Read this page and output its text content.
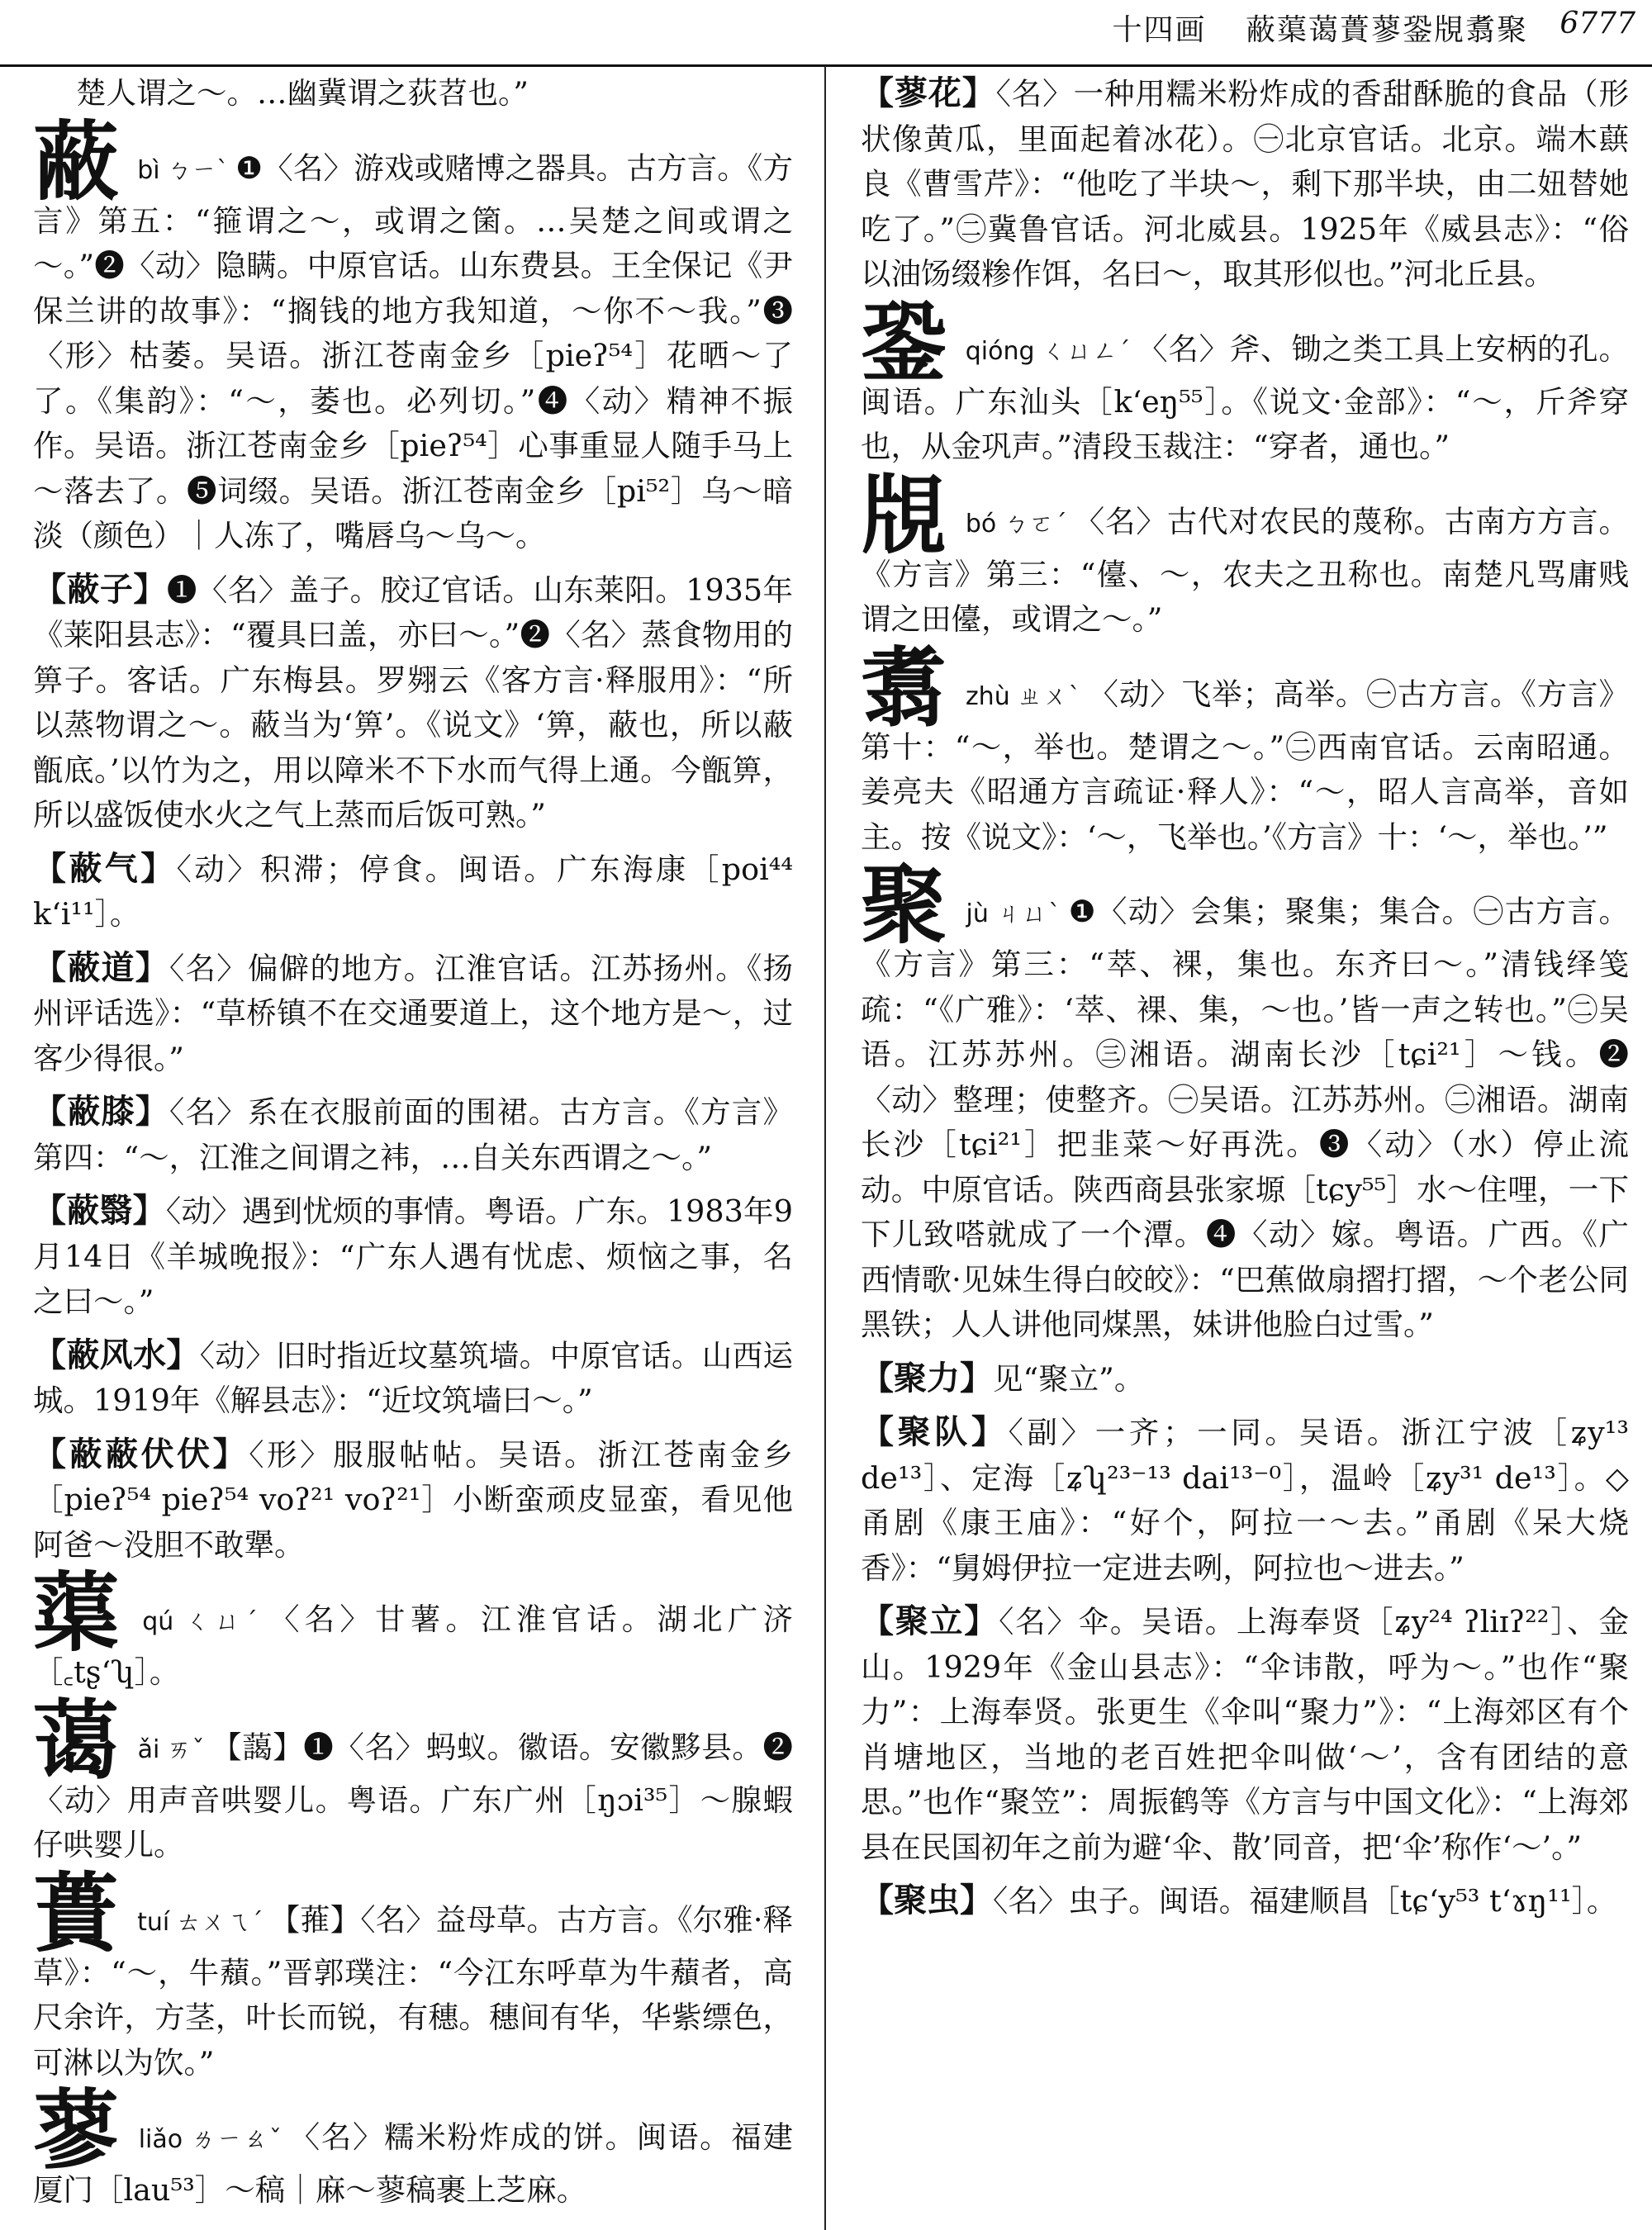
十四画 蔽蕖蔼蕢蓼銎覑翥聚 6777

楚人谓之～。…幽冀谓之荻苕也。”

蔽bì ㄅㄧˋ ❶〈名〉游戏或赌博之器具。古方言。《方言》第五：“箍谓之～，或谓之箘。…吴楚之间或谓之～。”❷〈动〉隐瞒。中原官话。山东费县。王全保记《尹保兰讲的故事》：“搁钱的地方我知道，～你不～我。”❸〈形〉枯萎。吴语。浙江苍南金乡［pieʔ⁵⁴］花晒～了了。《集韵》：“～，萎也。必列切。”❹〈动〉精神不振作。吴语。浙江苍南金乡［pieʔ⁵⁴］心事重显人随手马上～落去了。❺词缀。吴语。浙江苍南金乡［pi⁵²］乌～暗淡（颜色）｜人冻了，嘴唇乌～乌～。

【蔽子】❶〈名〉盖子。胶辽官话。山东莱阳。1935年《莱阳县志》：“覆具曰盖，亦曰～。”❷〈名〉蒸食物用的箅子。客话。广东梅县。罗翙云《客方言·释服用》：“所以蒸物谓之～。蔽当为‘箅’。《说文》‘箅，蔽也，所以蔽甑底。’以竹为之，用以障米不下水而气得上通。今甑箅，所以盛饭使水火之气上蒸而后饭可熟。”

【蔽气】〈动〉积滞；停食。闽语。广东海康［poi⁴⁴ kʻi¹¹］。

【蔽道】〈名〉偏僻的地方。江淮官话。江苏扬州。《扬州评话选》：“草桥镇不在交通要道上，这个地方是～，过客少得很。”

【蔽膝】〈名〉系在衣服前面的围裙。古方言。《方言》第四：“～，江淮之间谓之袆，…自关东西谓之～。”

【蔽翳】〈动〉遇到忧烦的事情。粤语。广东。1983年9月14日《羊城晚报》：“广东人遇有忧虑、烦恼之事，名之曰～。”

【蔽风水】〈动〉旧时指近坟墓筑墙。中原官话。山西运城。1919年《解县志》：“近坟筑墙曰～。”

【蔽蔽伏伏】〈形〉服服帖帖。吴语。浙江苍南金乡［pieʔ⁵⁴ pieʔ⁵⁴ voʔ²¹ voʔ²¹］小断蛮顽皮显蛮，看见他阿爸～没胆不敢犟。

蕖qú ㄑㄩˊ 〈名〉甘薯。江淮官话。湖北广济［꜀tʂʻʮ］。

蔼ǎi ㄞˇ 【藹】❶〈名〉蚂蚁。徽语。安徽黟县。❷〈动〉用声音哄婴儿。粤语。广东广州［ŋɔi³⁵］～腺蝦仔哄婴儿。

蕢tuí ㄊㄨㄟˊ 【蓷】〈名〉益母草。古方言。《尔雅·释草》：“～，牛蘈。”晋郭璞注：“今江东呼草为牛蘈者，高尺余许，方茎，叶长而锐，有穗。穗间有华，华紫缥色，可淋以为饮。”

蓼liǎo ㄌㄧㄠˇ 〈名〉糯米粉炸成的饼。闽语。福建厦门［lau⁵³］～稿｜麻～蓼稿裹上芝麻。

【蓼花】〈名〉一种用糯米粉炸成的香甜酥脆的食品（形状像黄瓜，里面起着冰花）。㊀北京官话。北京。端木蕻良《曹雪芹》：“他吃了半块～，剩下那半块，由二妞替她吃了。”㊁冀鲁官话。河北威县。1925年《威县志》：“俗以油饧缀糁作饵，名曰～，取其形似也。”河北丘县。

銎qióng ㄑㄩㄥˊ 〈名〉斧、锄之类工具上安柄的孔。闽语。广东汕头［kʻeŋ⁵⁵］。《说文·金部》：“～，斤斧穿也，从金巩声。”清段玉裁注：“穿者，通也。”

覑bó ㄅㄛˊ 〈名〉古代对农民的蔑称。古南方方言。《方言》第三：“儓、～，农夫之丑称也。南楚凡骂庸贱谓之田儓，或谓之～。”

翥zhù ㄓㄨˋ 〈动〉飞举；高举。㊀古方言。《方言》第十：“～，举也。楚谓之～。”㊁西南官话。云南昭通。姜亮夫《昭通方言疏证·释人》：“～，昭人言高举，音如主。按《说文》：‘～，飞举也。’《方言》十：‘～，举也。’”

聚jù ㄐㄩˋ ❶〈动〉会集；聚集；集合。㊀古方言。《方言》第三：“萃、裸，集也。东齐曰～。”清钱绎笺疏：“《广雅》：‘萃、裸、集，～也。’皆一声之转也。”㊁吴语。江苏苏州。㊂湘语。湖南长沙［tɕi²¹］～钱。❷〈动〉整理；使整齐。㊀吴语。江苏苏州。㊁湘语。湖南长沙［tɕi²¹］把韭菜～好再洗。❸〈动〉（水）停止流动。中原官话。陕西商县张家塬［tɕy⁵⁵］水～住哩，一下下儿致嗒就成了一个潭。❹〈动〉嫁。粤语。广西。《广西情歌·见妹生得白皎皎》：“巴蕉做扇摺打摺，～个老公同黑铁；人人讲他同煤黑，妹讲他脸白过雪。”

【聚力】见“聚立”。

【聚队】〈副〉一齐；一同。吴语。浙江宁波［ʑy¹³ de¹³］、定海［ʑʮ²³⁻¹³ dai¹³⁻⁰］，温岭［ʑy³¹ de¹³］。◇甬剧《康王庙》：“好个，阿拉一～去。”甬剧《呆大烧香》：“舅姆伊拉一定进去咧，阿拉也～进去。”

【聚立】〈名〉伞。吴语。上海奉贤［ʑy²⁴ ʔliɪʔ²²］、金山。1929年《金山县志》：“伞讳散，呼为～。”也作“聚力”：上海奉贤。张更生《伞叫“聚力”》：“上海郊区有个肖塘地区，当地的老百姓把伞叫做‘～’，含有团结的意思。”也作“聚笠”：周振鹤等《方言与中国文化》：“上海郊县在民国初年之前为避‘伞、散’同音，把‘伞’称作‘～’。”

【聚虫】〈名〉虫子。闽语。福建顺昌［tɕʻy⁵³ tʻɤŋ¹¹］。
